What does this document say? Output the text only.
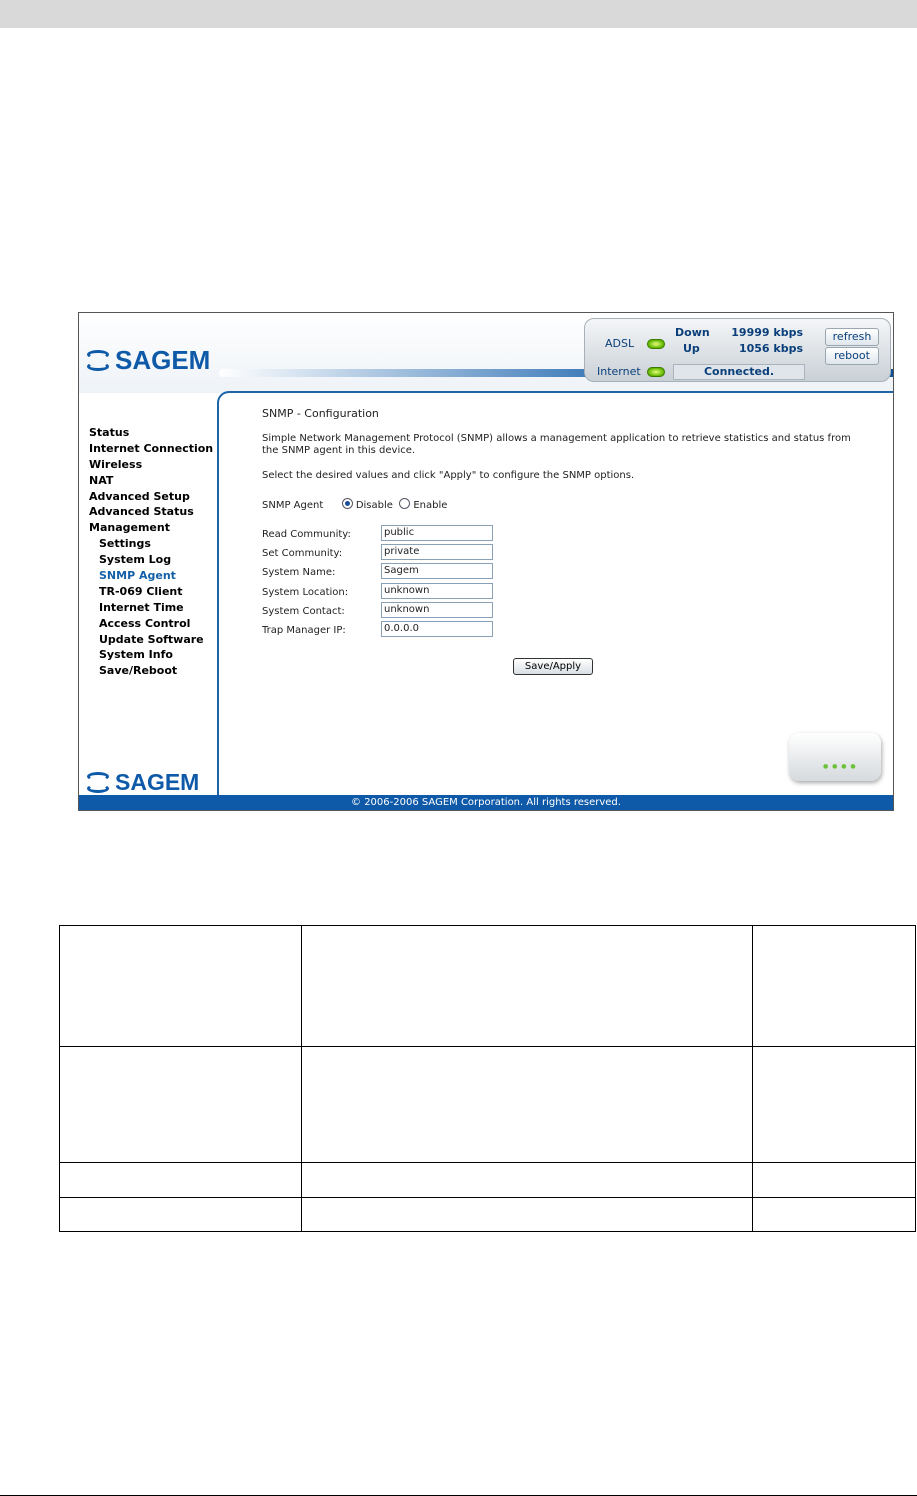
SAGEM
ADSL
Internet
Down 19999 kbps
Up	1056 kbps
Connected.
refresh
reboot
Status
Internet Connection
Wireless
NAT
Advanced Setup
Advanced Status
Management
Settings
System Log
SNMP Agent
TR-069 Client
Internet Time
Access Control
Update Software
System Info
Save/Reboot
SAGEM
SNMP - Configuration
Simple Network Management Protocol (SNMP) allows a management application to retrieve statistics and status from
the SNMP agent in this device.
Select the desired values and click "Apply" to configure the SNMP options.
SNMP Agent	Disable Enable
Read Community:	public
Set Community:	private
System Name:	Sagem
System Location:	unknown
System Contact:	unknown
Trap Manager IP:	0.0.0.0
Save/Apply
● ● ● ●
© 2006-2006 SAGEM Corporation. All rights reserved.
